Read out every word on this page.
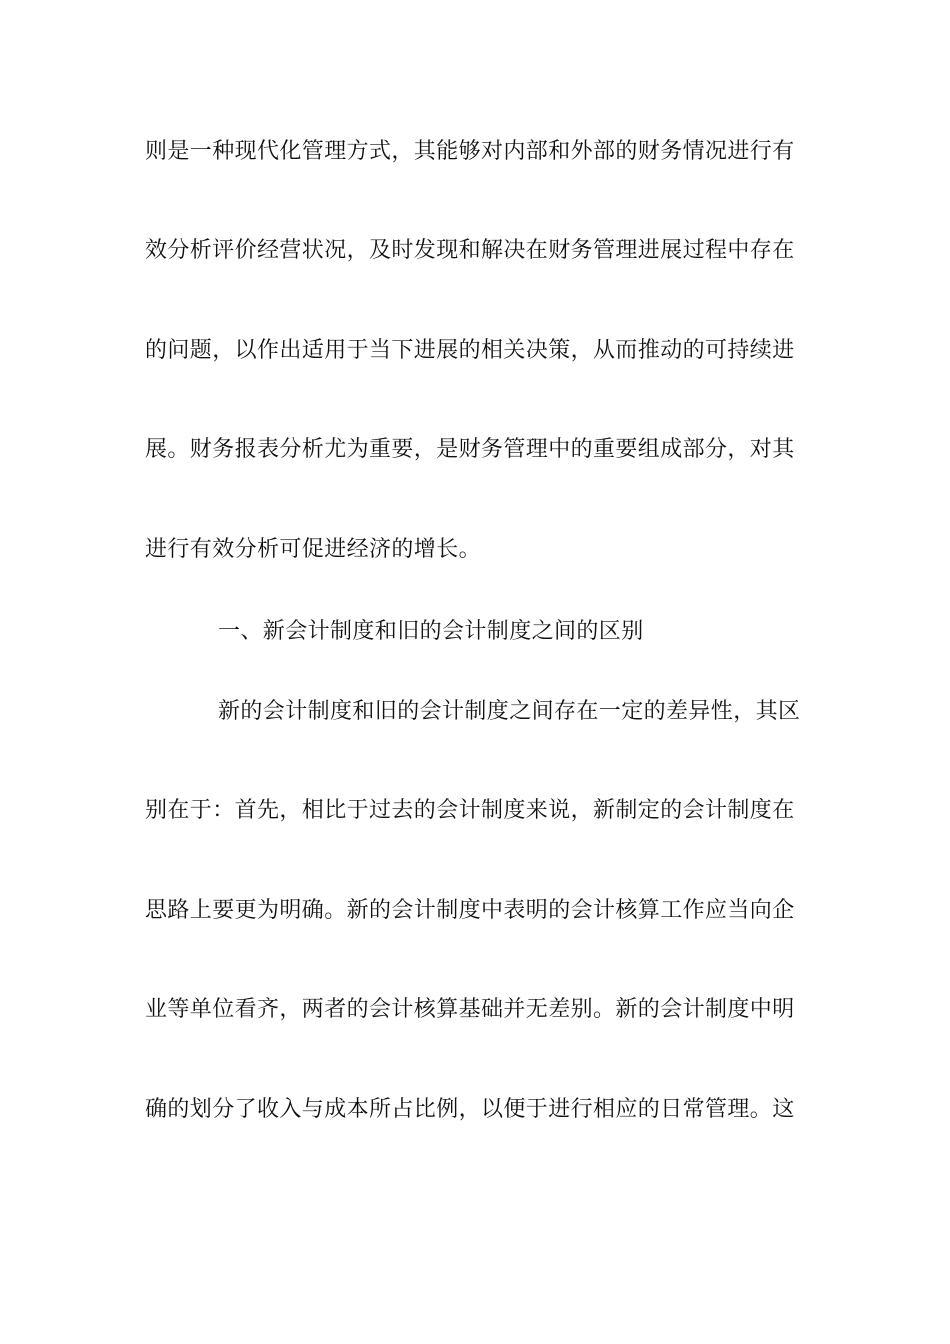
则是一种现代化管理方式，其能够对内部和外部的财务情况进行有
效分析评价经营状况，及时发现和解决在财务管理进展过程中存在
的问题，以作出适用于当下进展的相关决策，从而推动的可持续进
展。财务报表分析尤为重要，是财务管理中的重要组成部分，对其
进行有效分析可促进经济的增长。
一、新会计制度和旧的会计制度之间的区别
新的会计制度和旧的会计制度之间存在一定的差异性，其区
别在于：首先，相比于过去的会计制度来说，新制定的会计制度在
思路上要更为明确。新的会计制度中表明的会计核算工作应当向企
业等单位看齐，两者的会计核算基础并无差别。新的会计制度中明
确的划分了收入与成本所占比例，以便于进行相应的日常管理。这
